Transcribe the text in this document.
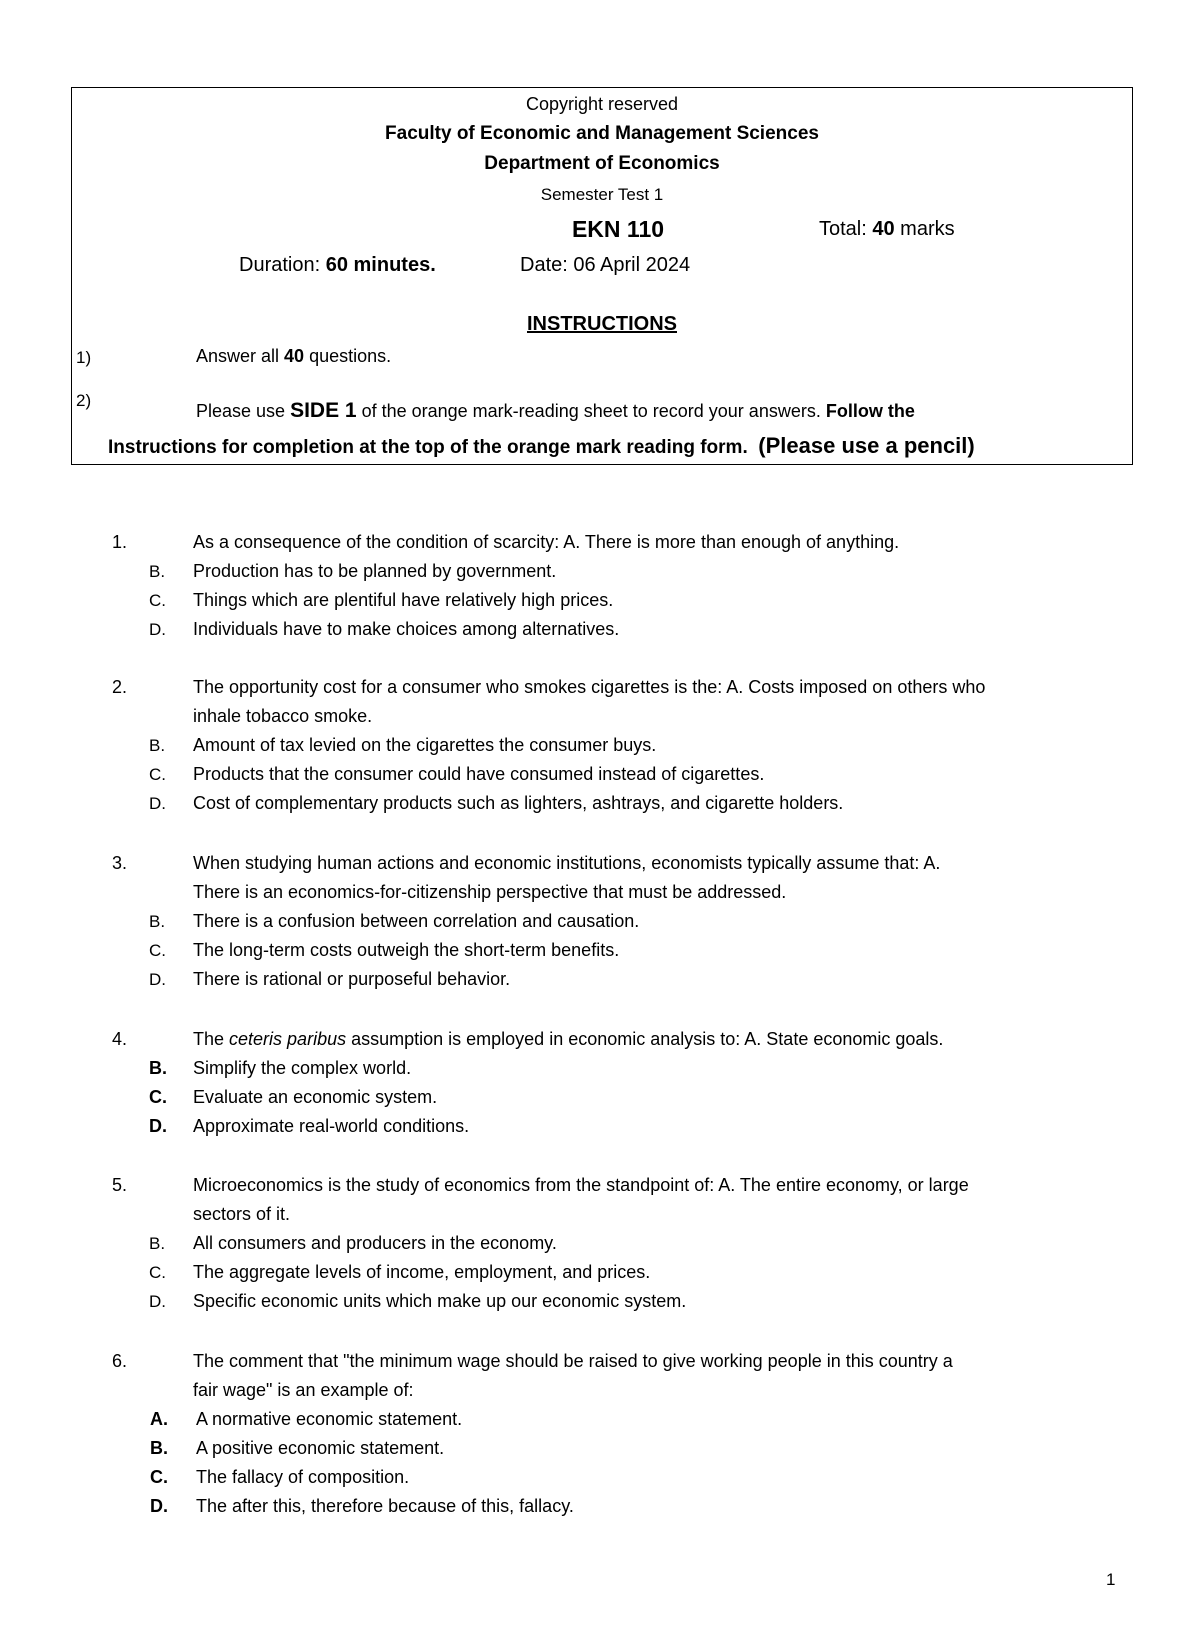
Copyright reserved
Faculty of Economic and Management Sciences
Department of Economics
Semester Test 1
EKN 110	Total: 40 marks
Duration: 60 minutes.	Date: 06 April 2024
INSTRUCTIONS
1)	Answer all 40 questions.
2)
Please use SIDE 1 of the orange mark-reading sheet to record your answers. Follow the
Instructions for completion at the top of the orange mark reading form. (Please use a pencil)
1.	As a consequence of the condition of scarcity: A. There is more than enough of anything.
B. Production has to be planned by government.
C. Things which are plentiful have relatively high prices.
D. Individuals have to make choices among alternatives.
2.	The opportunity cost for a consumer who smokes cigarettes is the: A. Costs imposed on others who
inhale tobacco smoke.
B. Amount of tax levied on the cigarettes the consumer buys.
C. Products that the consumer could have consumed instead of cigarettes.
D. Cost of complementary products such as lighters, ashtrays, and cigarette holders.
3.	When studying human actions and economic institutions, economists typically assume that: A.
There is an economics-for-citizenship perspective that must be addressed.
B. There is a confusion between correlation and causation.
C. The long-term costs outweigh the short-term benefits.
D. There is rational or purposeful behavior.
4.	The ceteris paribus assumption is employed in economic analysis to: A. State economic goals.
B. Simplify the complex world.
C. Evaluate an economic system.
D. Approximate real-world conditions.
5.	Microeconomics is the study of economics from the standpoint of: A. The entire economy, or large
sectors of it.
B. All consumers and producers in the economy.
C. The aggregate levels of income, employment, and prices.
D. Specific economic units which make up our economic system.
6.	The comment that "the minimum wage should be raised to give working people in this country a
fair wage" is an example of:
A. A normative economic statement.
B. A positive economic statement.
C. The fallacy of composition.
D. The after this, therefore because of this, fallacy.
1
